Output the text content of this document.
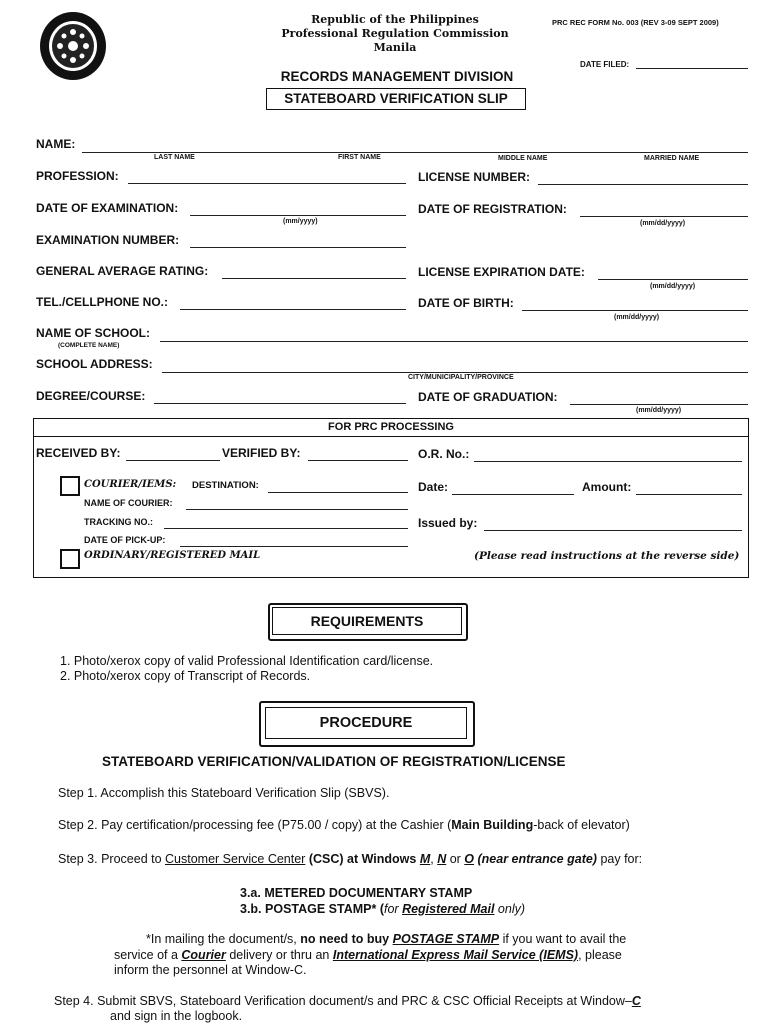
Republic of the Philippines
Professional Regulation Commission
Manila
PRC REC FORM No. 003 (REV 3-09 SEPT 2009)
DATE FILED:
RECORDS MANAGEMENT DIVISION
STATEBOARD VERIFICATION SLIP
NAME:
LAST NAME	FIRST NAME	MIDDLE NAME	MARRIED NAME
PROFESSION:	LICENSE NUMBER:
DATE OF EXAMINATION:
(mm/yyyy)
DATE OF REGISTRATION:
(mm/dd/yyyy)
EXAMINATION NUMBER:
GENERAL AVERAGE RATING:	LICENSE EXPIRATION DATE:
(mm/dd/yyyy)
TEL./CELLPHONE NO.:	DATE OF BIRTH:
(mm/dd/yyyy)
NAME OF SCHOOL:
(COMPLETE NAME)
SCHOOL ADDRESS:
CITY/MUNICIPALITY/PROVINCE
DEGREE/COURSE:	DATE OF GRADUATION:
(mm/dd/yyyy)
FOR PRC PROCESSING
RECEIVED BY:	VERIFIED BY:	O.R. No.:
COURIER/IEMS: DESTINATION:	Date:	Amount:
NAME OF COURIER:
TRACKING NO.:	Issued by:
DATE OF PICK-UP:
ORDINARY/REGISTERED MAIL	(Please read instructions at the reverse side)
REQUIREMENTS
1. Photo/xerox copy of valid Professional Identification card/license.
2. Photo/xerox copy of Transcript of Records.
PROCEDURE
STATEBOARD VERIFICATION/VALIDATION OF REGISTRATION/LICENSE
Step 1. Accomplish this Stateboard Verification Slip (SBVS).
Step 2. Pay certification/processing fee (P75.00 / copy) at the Cashier (Main Building-back of elevator)
Step 3. Proceed to Customer Service Center (CSC) at Windows M, N or O (near entrance gate) pay for:
3.a. METERED DOCUMENTARY STAMP
3.b. POSTAGE STAMP* (for Registered Mail only)
*In mailing the document/s, no need to buy POSTAGE STAMP if you want to avail the
service of a Courier delivery or thru an International Express Mail Service (IEMS), please
inform the personnel at Window-C.
Step 4. Submit SBVS, Stateboard Verification document/s and PRC & CSC Official Receipts at Window–C
and sign in the logbook.
